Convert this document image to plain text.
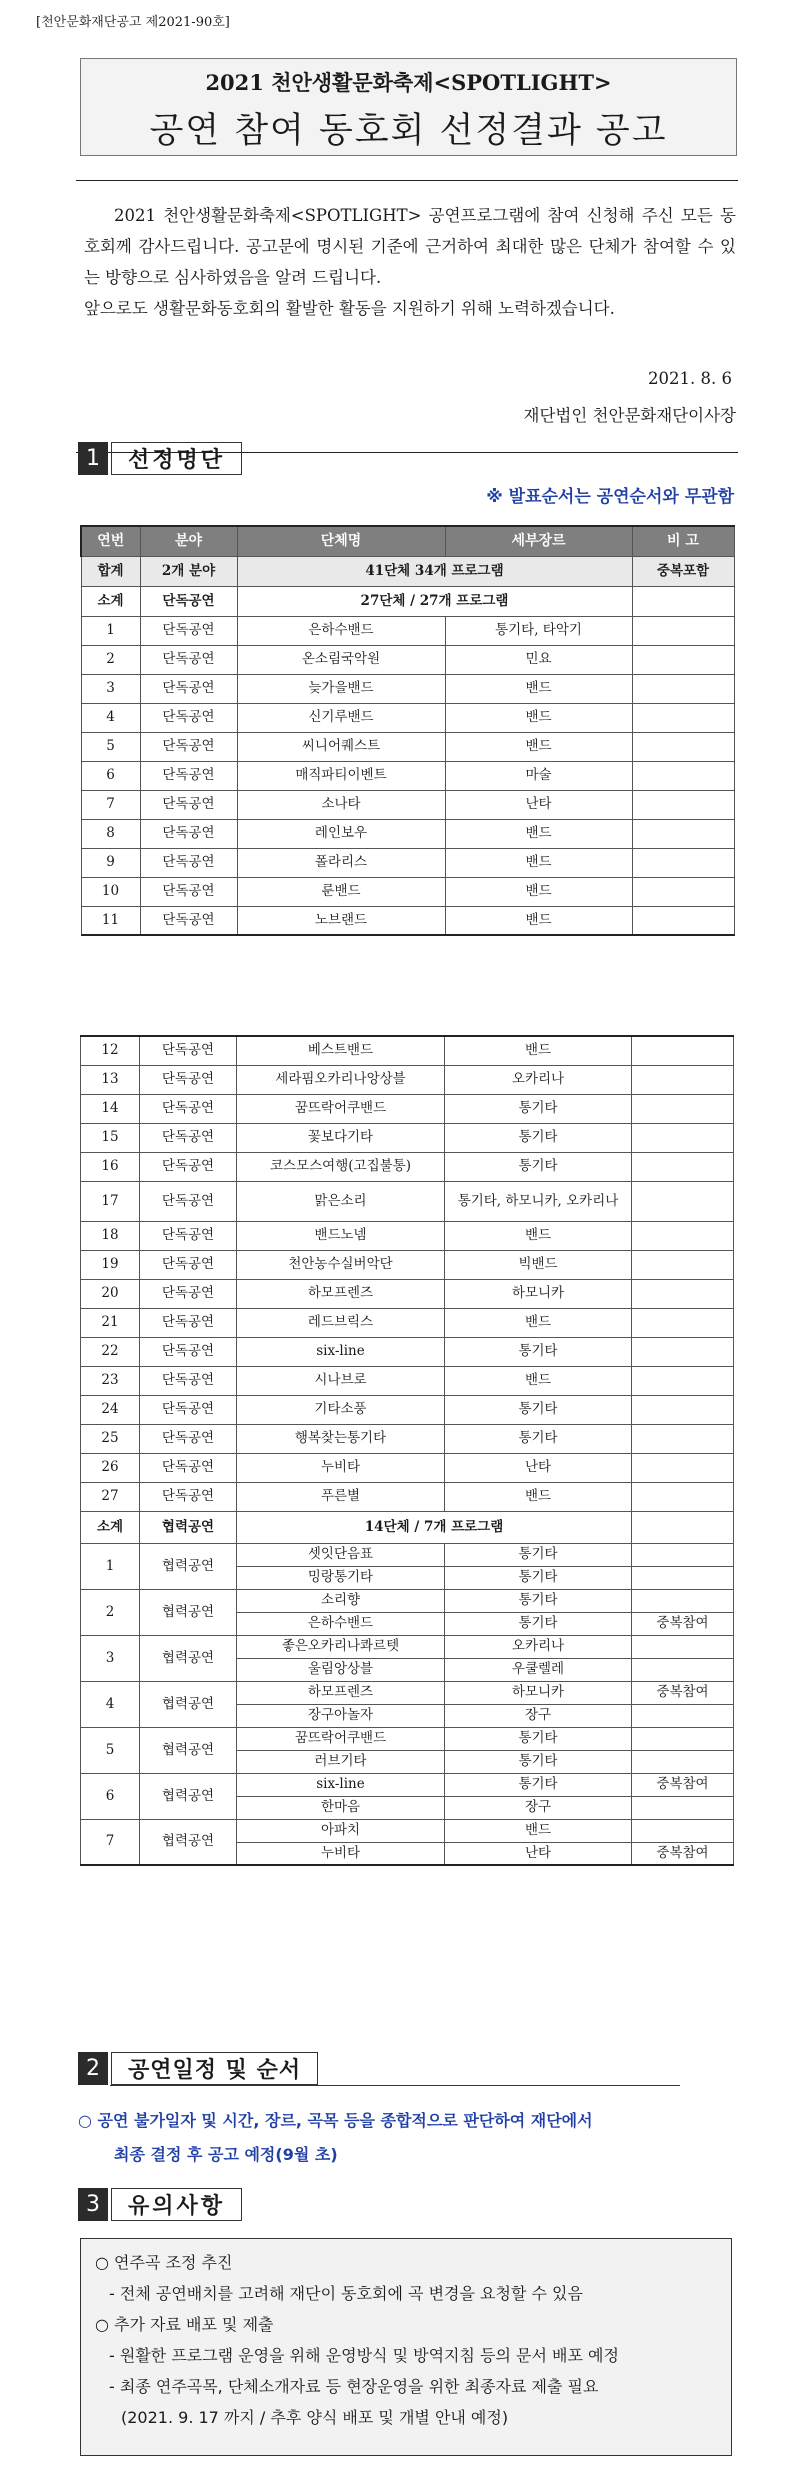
[천안문화재단공고 제2021-90호]
2021 천안생활문화축제<SPOTLIGHT>
공연 참여 동호회 선정결과 공고

2021 천안생활문화축제<SPOTLIGHT> 공연프로그램에 참여 신청해 주신 모든 동호회께 감사드립니다. 공고문에 명시된 기준에 근거하여 최대한 많은 단체가 참여할 수 있는 방향으로 심사하였음을 알려 드립니다.

앞으로도 생활문화동호회의 활발한 활동을 지원하기 위해 노력하겠습니다.

2021. 8. 6
재단법인 천안문화재단이사장
1	선정명단
※ 발표순서는 공연순서와 무관함
연번	분야	단체명	세부장르	비 고
합계	2개 분야	41단체 34개 프로그램		중복포함
소계	단독공연	27단체 / 27개 프로그램		
1	단독공연	은하수밴드	통기타, 타악기	
2	단독공연	온소림국악원	민요	
3	단독공연	늦가을밴드	밴드	
4	단독공연	신기루밴드	밴드	
5	단독공연	씨니어퀘스트	밴드	
6	단독공연	매직파티이벤트	마술	
7	단독공연	소나타	난타	
8	단독공연	레인보우	밴드	
9	단독공연	폴라리스	밴드	
10	단독공연	룬밴드	밴드	
11	단독공연	노브랜드	밴드	
12	단독공연	베스트밴드	밴드	
13	단독공연	세라핌오카리나앙상블	오카리나	
14	단독공연	꿈뜨락어쿠밴드	통기타	
15	단독공연	꽃보다기타	통기타	
16	단독공연	코스모스여행(고집불통)	통기타	
17	단독공연	맑은소리	통기타, 하모니카, 오카리나	
18	단독공연	밴드노넴	밴드	
19	단독공연	천안농수실버악단	빅밴드	
20	단독공연	하모프렌즈	하모니카	
21	단독공연	레드브릭스	밴드	
22	단독공연	six-line	통기타	
23	단독공연	시나브로	밴드	
24	단독공연	기타소풍	통기타	
25	단독공연	행복찾는통기타	통기타	
26	단독공연	누비타	난타	
27	단독공연	푸른별	밴드	
소계	협력공연	14단체 / 7개 프로그램		
1	협력공연	셋잇단음표	통기타	
		밍랑통기타	통기타	
2	협력공연	소리향	통기타	
		은하수밴드	통기타	중복참여
3	협력공연	좋은오카리나콰르텟	오카리나	
		울림앙상블	우쿨렐레	
4	협력공연	하모프렌즈	하모니카	중복참여
		장구아놀자	장구	
5	협력공연	꿈뜨락어쿠밴드	통기타	
		러브기타	통기타	
6	협력공연	six-line	통기타	중복참여
		한마음	장구	
7	협력공연	아파치	밴드	
		누비타	난타	중복참여
2	공연일정 및 순서
○ 공연 불가일자 및 시간, 장르, 곡목 등을 종합적으로 판단하여 재단에서
최종 결정 후 공고 예정(9월 초)
3	유의사항
○ 연주곡 조정 추진
- 전체 공연배치를 고려해 재단이 동호회에 곡 변경을 요청할 수 있음
○ 추가 자료 배포 및 제출
- 원활한 프로그램 운영을 위해 운영방식 및 방역지침 등의 문서 배포 예정
- 최종 연주곡목, 단체소개자료 등 현장운영을 위한 최종자료 제출 필요
(2021. 9. 17 까지 / 추후 양식 배포 및 개별 안내 예정)
